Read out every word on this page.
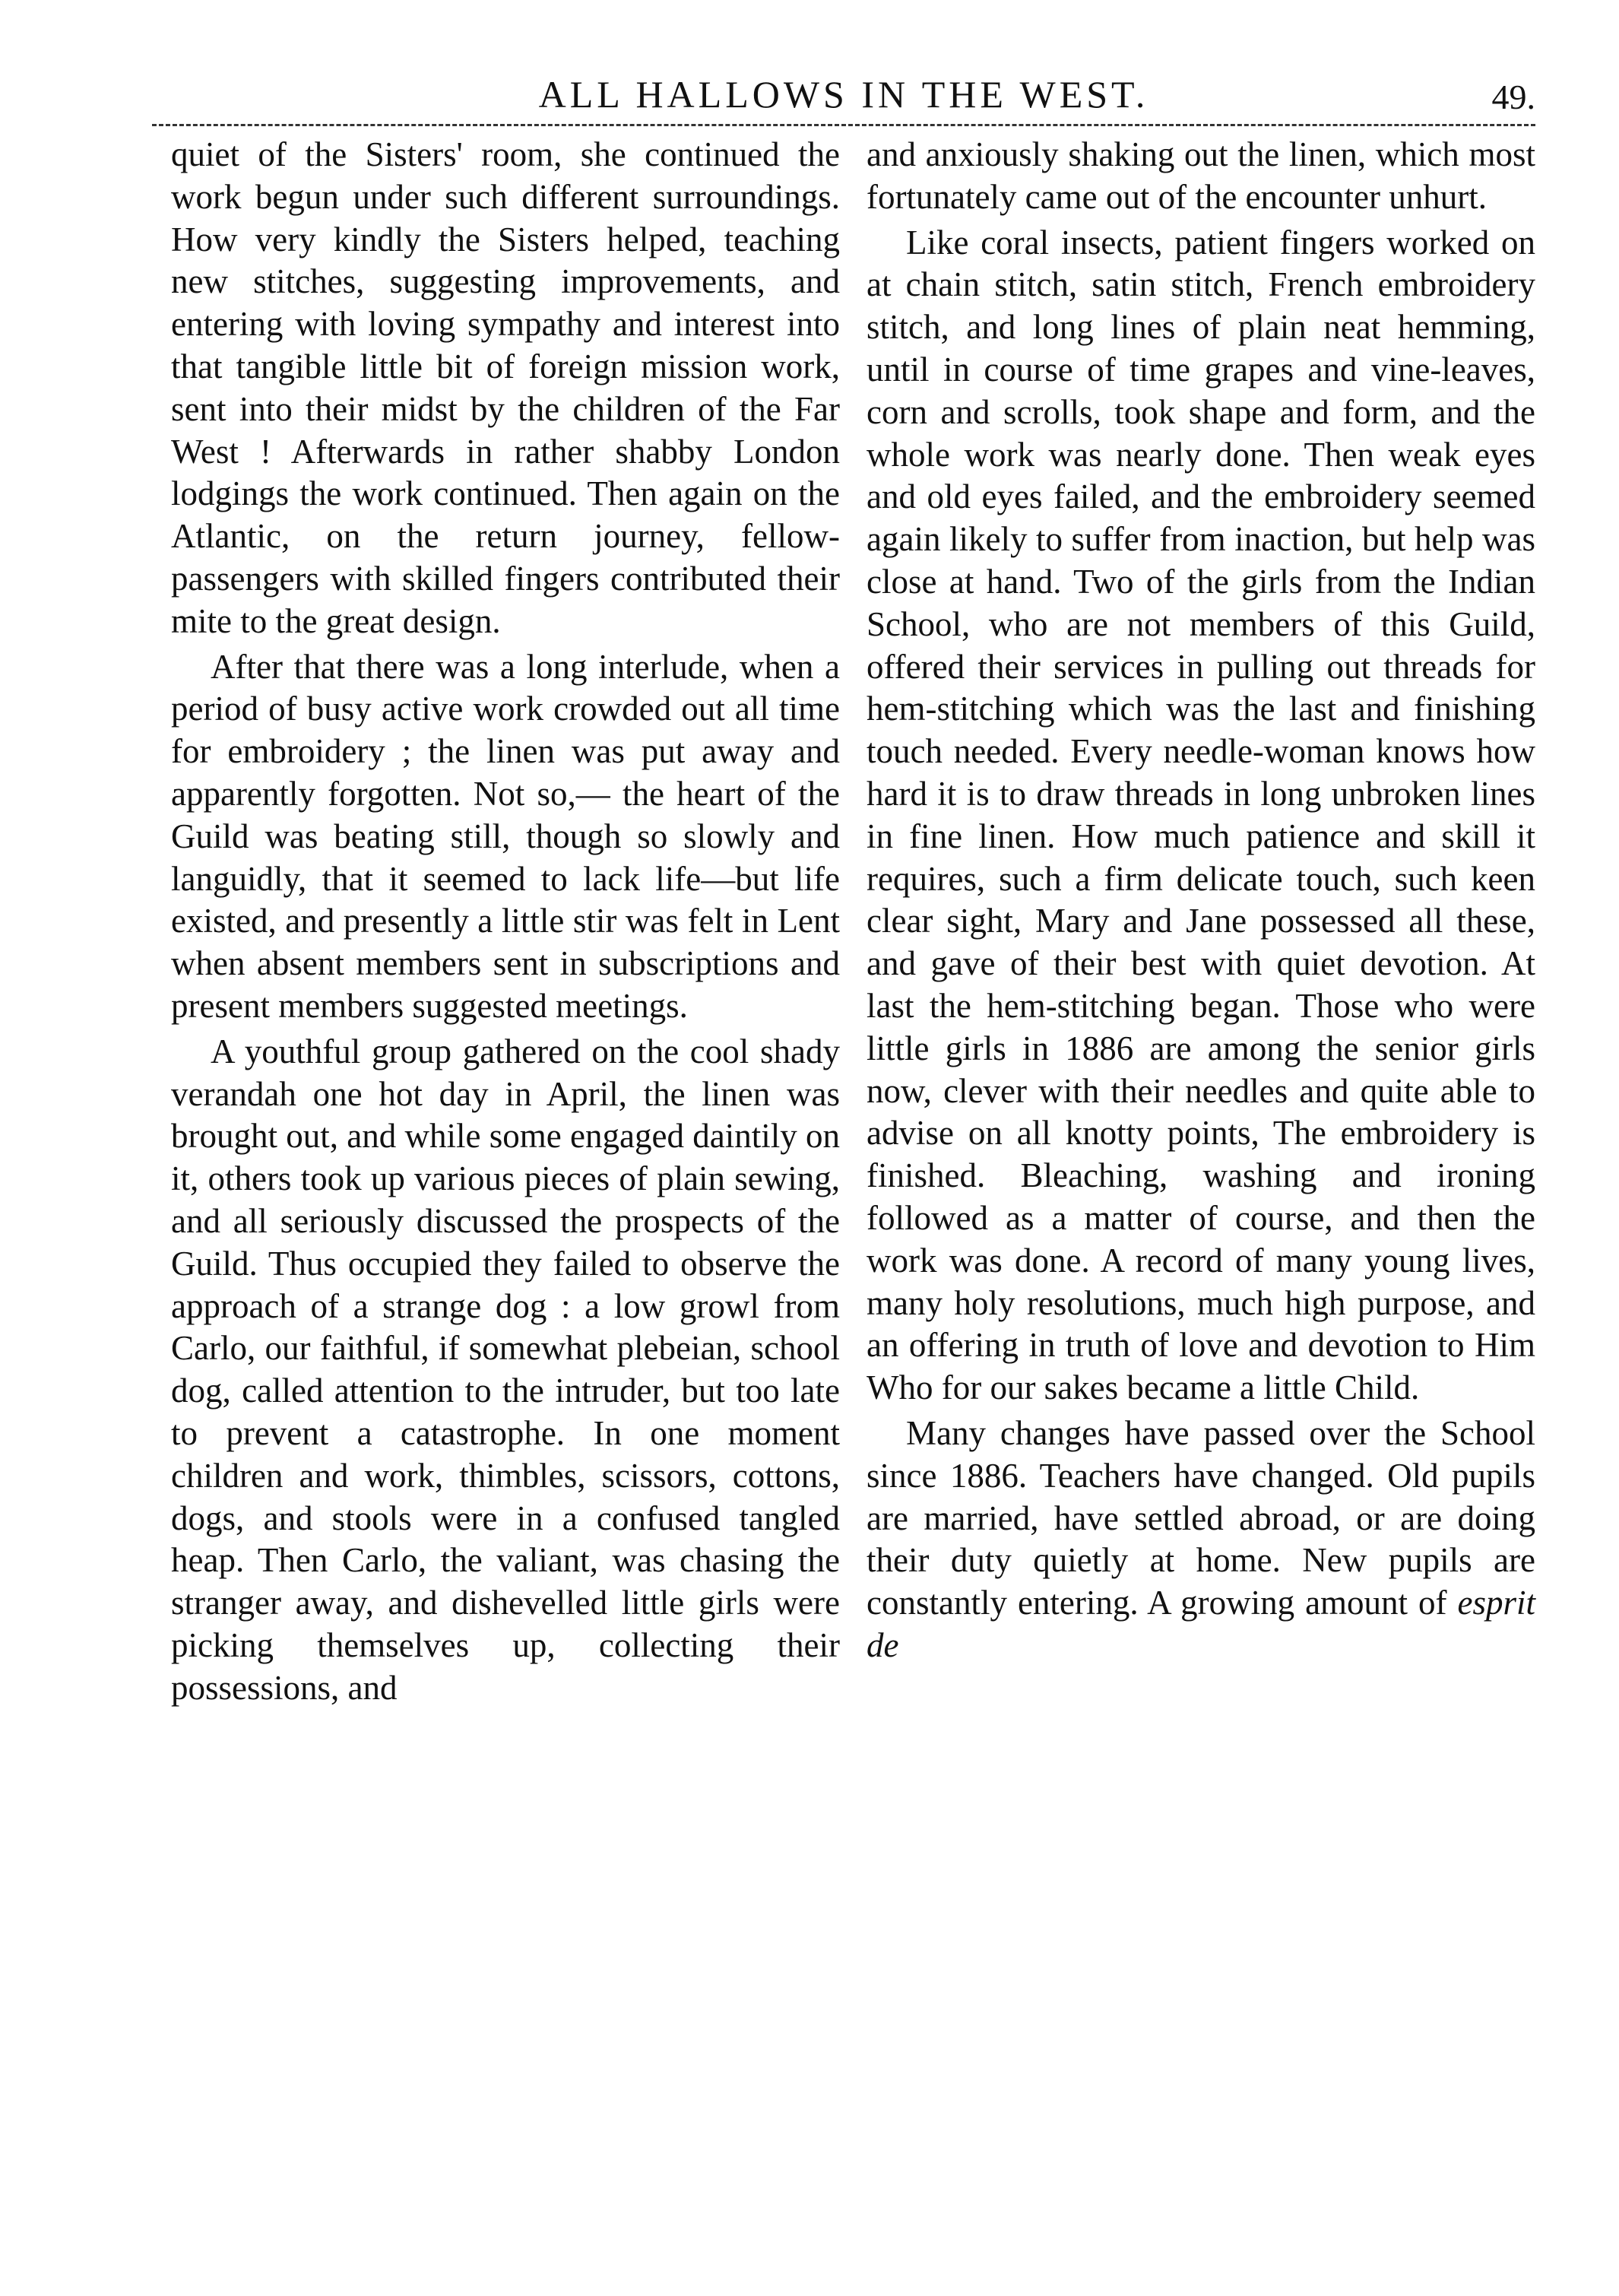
ALL HALLOWS IN THE WEST.	49.

quiet of the Sisters' room, she continued the work begun under such different surroundings. How very kindly the Sisters helped, teaching new stitches, suggesting improvements, and entering with loving sympathy and interest into that tangible little bit of foreign mission work, sent into their midst by the children of the Far West ! Afterwards in rather shabby London lodgings the work continued. Then again on the Atlantic, on the return journey, fellow-passengers with skilled fingers contributed their mite to the great design.

After that there was a long interlude, when a period of busy active work crowded out all time for embroidery ; the linen was put away and apparently forgotten. Not so,— the heart of the Guild was beating still, though so slowly and languidly, that it seemed to lack life—but life existed, and presently a little stir was felt in Lent when absent members sent in subscriptions and present members suggested meetings.

A youthful group gathered on the cool shady verandah one hot day in April, the linen was brought out, and while some engaged daintily on it, others took up various pieces of plain sewing, and all seriously discussed the prospects of the Guild. Thus occupied they failed to observe the approach of a strange dog : a low growl from Carlo, our faithful, if somewhat plebeian, school dog, called attention to the intruder, but too late to prevent a catastrophe. In one moment children and work, thimbles, scissors, cottons, dogs, and stools were in a confused tangled heap. Then Carlo, the valiant, was chasing the stranger away, and dishevelled little girls were picking themselves up, collecting their possessions, and

and anxiously shaking out the linen, which most fortunately came out of the encounter unhurt.

Like coral insects, patient fingers worked on at chain stitch, satin stitch, French embroidery stitch, and long lines of plain neat hemming, until in course of time grapes and vine-leaves, corn and scrolls, took shape and form, and the whole work was nearly done. Then weak eyes and old eyes failed, and the embroidery seemed again likely to suffer from inaction, but help was close at hand. Two of the girls from the Indian School, who are not members of this Guild, offered their services in pulling out threads for hem-stitching which was the last and finishing touch needed. Every needle-woman knows how hard it is to draw threads in long unbroken lines in fine linen. How much patience and skill it requires, such a firm delicate touch, such keen clear sight, Mary and Jane possessed all these, and gave of their best with quiet devotion. At last the hem-stitching began. Those who were little girls in 1886 are among the senior girls now, clever with their needles and quite able to advise on all knotty points, The embroidery is finished. Bleaching, washing and ironing followed as a matter of course, and then the work was done. A record of many young lives, many holy resolutions, much high purpose, and an offering in truth of love and devotion to Him Who for our sakes became a little Child.

Many changes have passed over the School since 1886. Teachers have changed. Old pupils are married, have settled abroad, or are doing their duty quietly at home. New pupils are constantly entering. A growing amount of esprit de
